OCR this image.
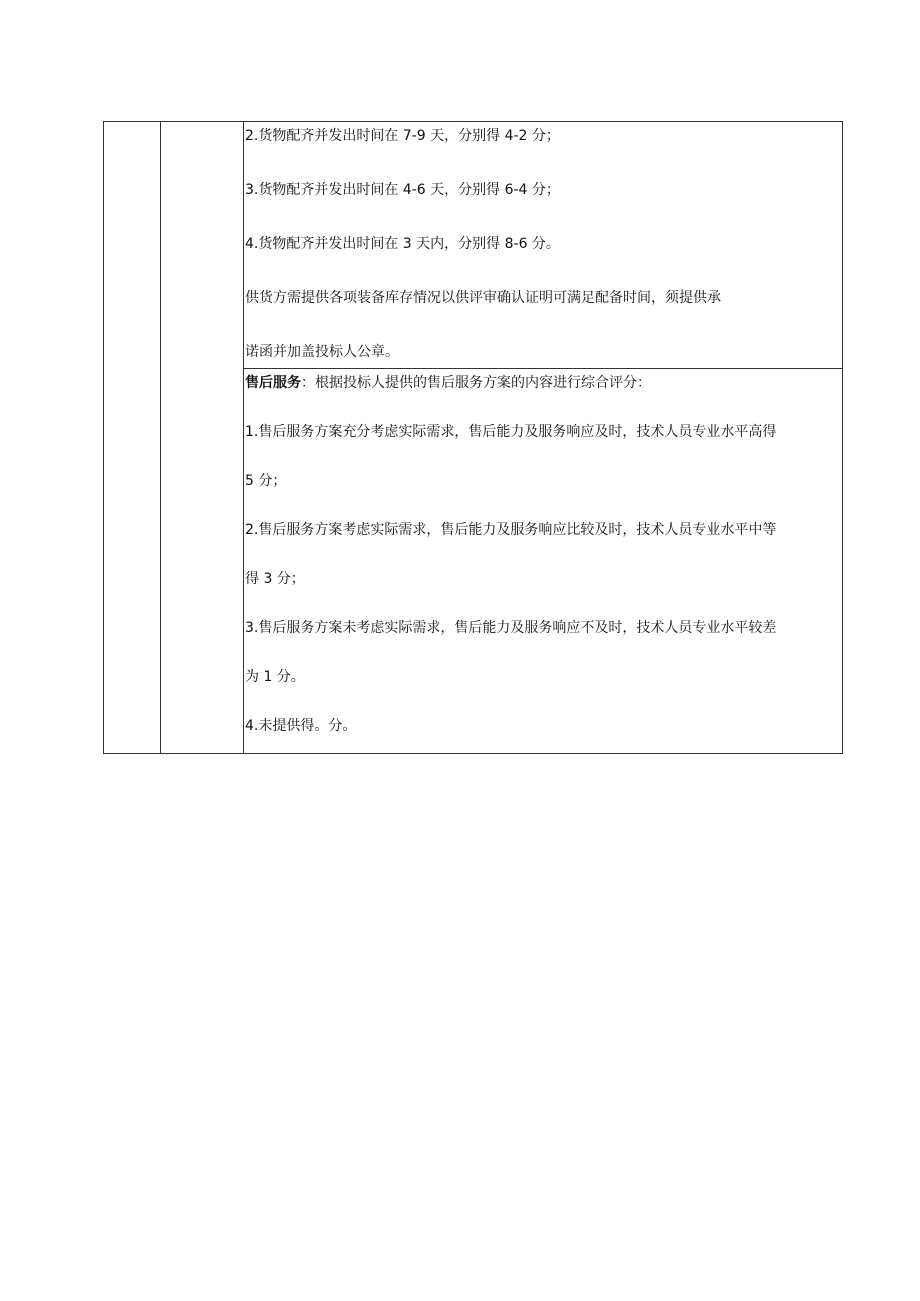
2.货物配齐并发出时间在 7-9 天，分别得 4-2 分；
3.货物配齐并发出时间在 4-6 天，分别得 6-4 分；
4.货物配齐并发出时间在 3 天内，分别得 8-6 分。
供货方需提供各项装备库存情况以供评审确认证明可满足配备时间，须提供承
诺函并加盖投标人公章。

售后服务：根据投标人提供的售后服务方案的内容进行综合评分：
1.售后服务方案充分考虑实际需求，售后能力及服务响应及时，技术人员专业水平高得
5 分；
2.售后服务方案考虑实际需求，售后能力及服务响应比较及时，技术人员专业水平中等
得 3 分；
3.售后服务方案未考虑实际需求，售后能力及服务响应不及时，技术人员专业水平较差
为 1 分。
4.未提供得。分。
